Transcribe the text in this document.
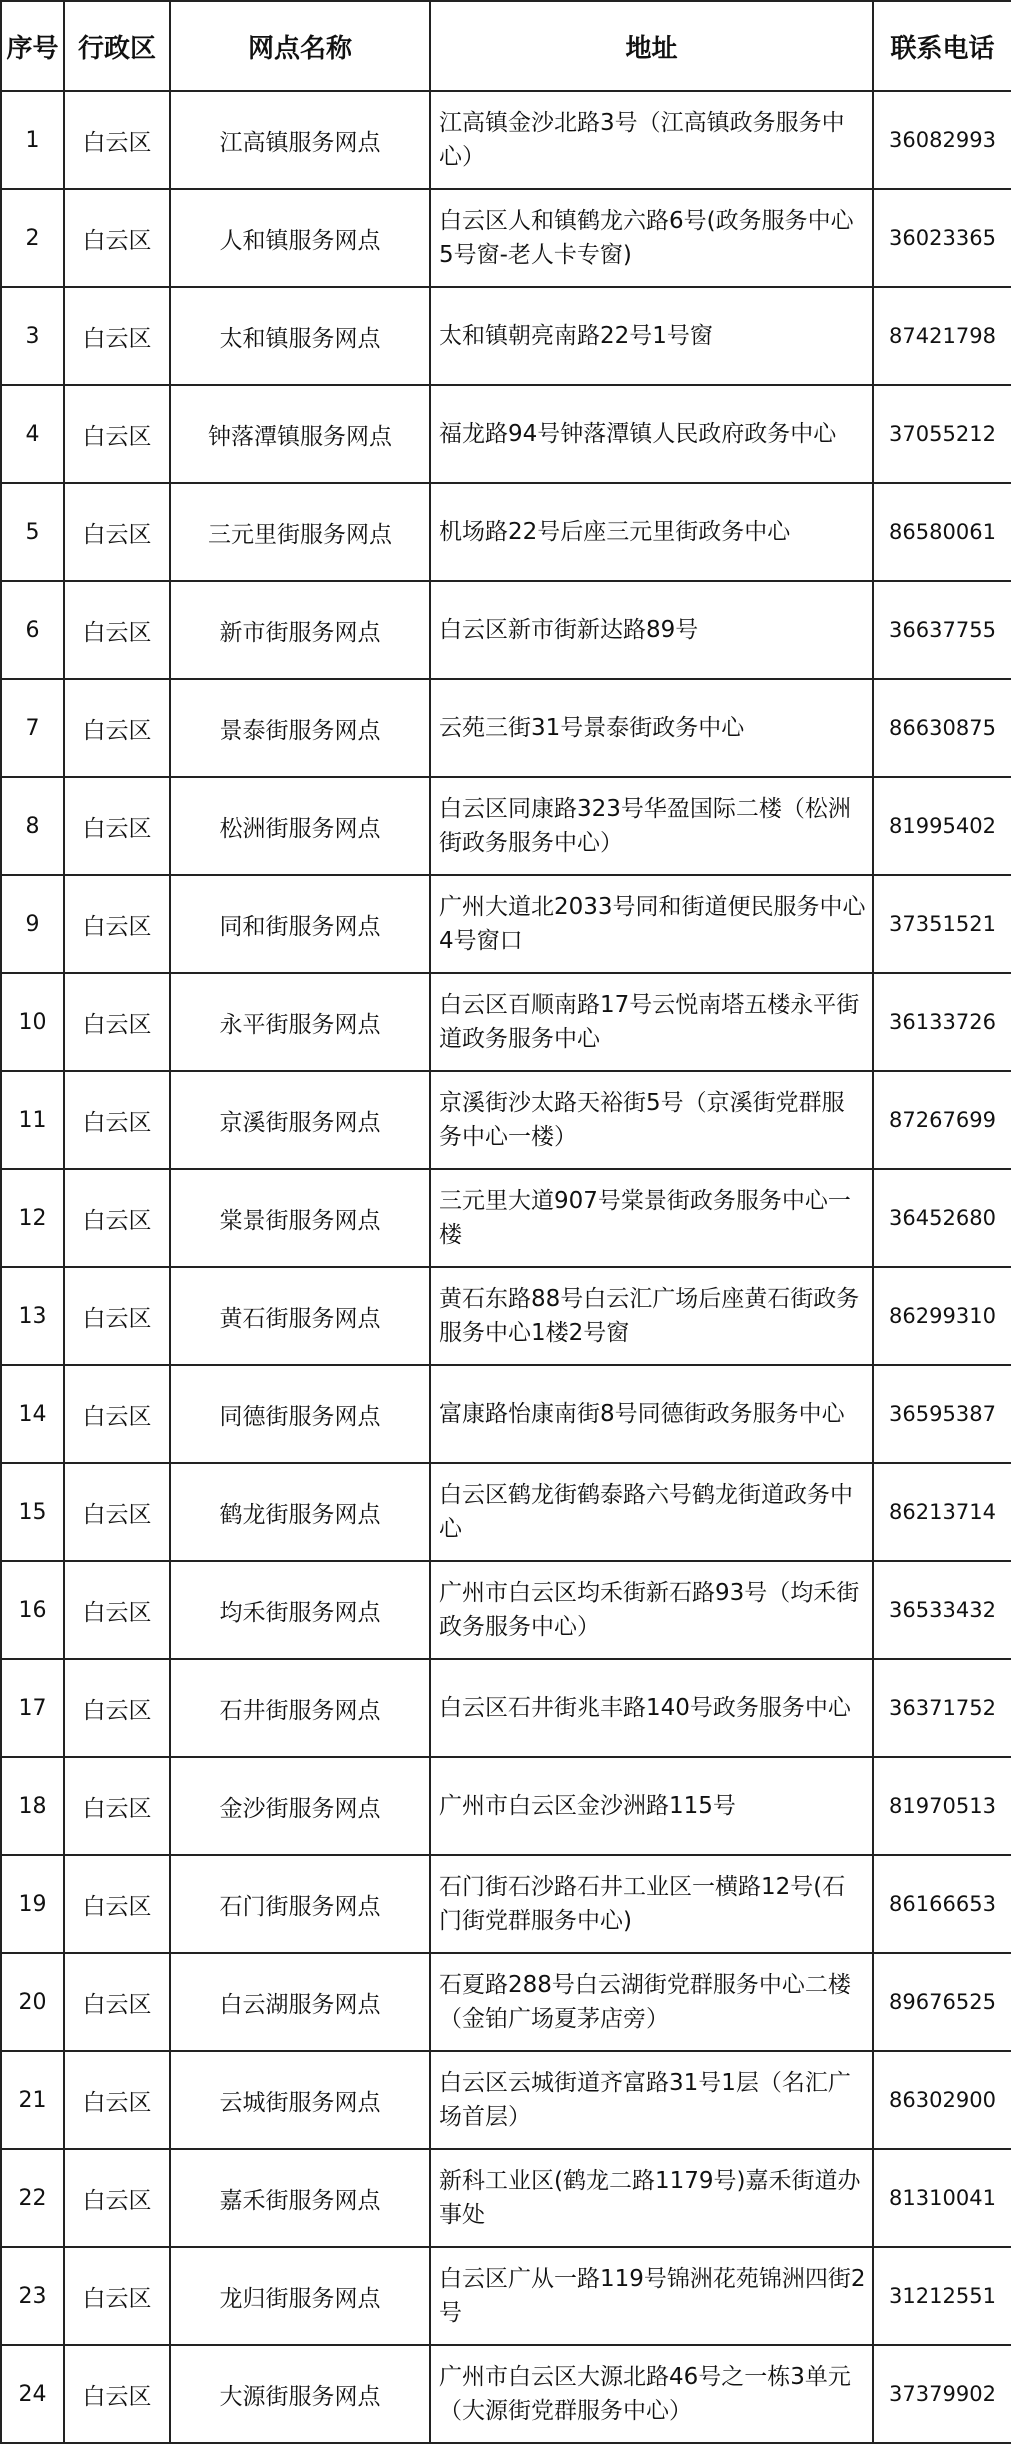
序号	行政区	网点名称	地址	联系电话
1	白云区	江高镇服务网点	江高镇金沙北路3号（江高镇政务服务中心）	36082993
2	白云区	人和镇服务网点	白云区人和镇鹤龙六路6号(政务服务中心5号窗-老人卡专窗)	36023365
3	白云区	太和镇服务网点	太和镇朝亮南路22号1号窗	87421798
4	白云区	钟落潭镇服务网点	福龙路94号钟落潭镇人民政府政务中心	37055212
5	白云区	三元里街服务网点	机场路22号后座三元里街政务中心	86580061
6	白云区	新市街服务网点	白云区新市街新达路89号	36637755
7	白云区	景泰街服务网点	云苑三街31号景泰街政务中心	86630875
8	白云区	松洲街服务网点	白云区同康路323号华盈国际二楼（松洲街政务服务中心）	81995402
9	白云区	同和街服务网点	广州大道北2033号同和街道便民服务中心4号窗口	37351521
10	白云区	永平街服务网点	白云区百顺南路17号云悦南塔五楼永平街道政务服务中心	36133726
11	白云区	京溪街服务网点	京溪街沙太路天裕街5号（京溪街党群服务中心一楼）	87267699
12	白云区	棠景街服务网点	三元里大道907号棠景街政务服务中心一楼	36452680
13	白云区	黄石街服务网点	黄石东路88号白云汇广场后座黄石街政务服务中心1楼2号窗	86299310
14	白云区	同德街服务网点	富康路怡康南街8号同德街政务服务中心	36595387
15	白云区	鹤龙街服务网点	白云区鹤龙街鹤泰路六号鹤龙街道政务中心	86213714
16	白云区	均禾街服务网点	广州市白云区均禾街新石路93号（均禾街政务服务中心）	36533432
17	白云区	石井街服务网点	白云区石井街兆丰路140号政务服务中心	36371752
18	白云区	金沙街服务网点	广州市白云区金沙洲路115号	81970513
19	白云区	石门街服务网点	石门街石沙路石井工业区一横路12号(石门街党群服务中心)	86166653
20	白云区	白云湖服务网点	石夏路288号白云湖街党群服务中心二楼（金铂广场夏茅店旁）	89676525
21	白云区	云城街服务网点	白云区云城街道齐富路31号1层（名汇广场首层）	86302900
22	白云区	嘉禾街服务网点	新科工业区(鹤龙二路1179号)嘉禾街道办事处	81310041
23	白云区	龙归街服务网点	白云区广从一路119号锦洲花苑锦洲四街2号	31212551
24	白云区	大源街服务网点	广州市白云区大源北路46号之一栋3单元（大源街党群服务中心）	37379902
